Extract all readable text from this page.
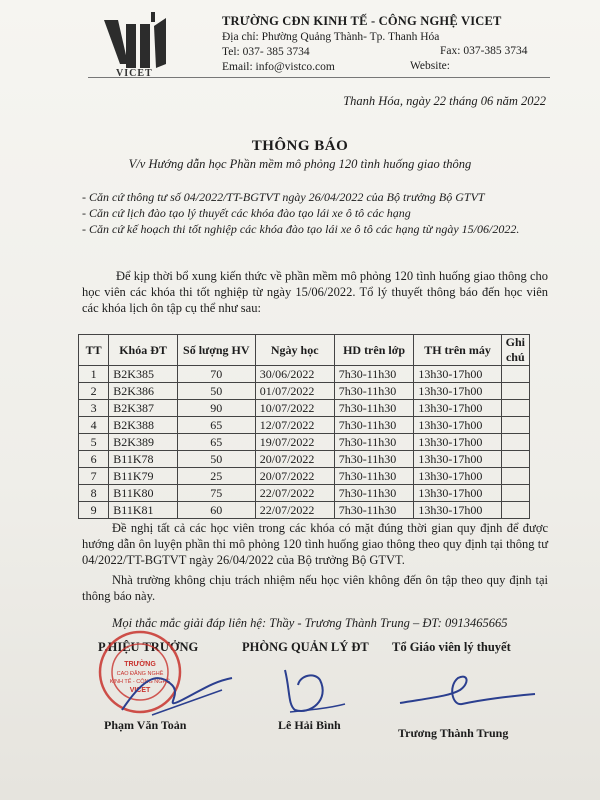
VICET
TRƯỜNG CĐN KINH TẾ - CÔNG NGHỆ VICET
Địa chỉ: Phường Quảng Thành- Tp. Thanh Hóa
Tel: 037- 385 3734	Fax: 037-385 3734
Email: info@vistco.com	Website:
Thanh Hóa, ngày 22 tháng 06 năm 2022
THÔNG BÁO
V/v Hướng dẫn học Phần mềm mô phỏng 120 tình huống giao thông
- Căn cứ thông tư số 04/2022/TT-BGTVT ngày 26/04/2022 của Bộ trưởng Bộ GTVT
- Căn cứ lịch đào tạo lý thuyết các khóa đào tạo lái xe ô tô các hạng
- Căn cứ kế hoạch thi tốt nghiệp các khóa đào tạo lái xe ô tô các hạng từ ngày 15/06/2022.
Để kịp thời bổ xung kiến thức về phần mềm mô phỏng 120 tình huống giao thông cho học viên các khóa thi tốt nghiệp từ ngày 15/06/2022. Tổ lý thuyết thông báo đến học viên các khóa lịch ôn tập cụ thể như sau:
TT	Khóa ĐT	Số lượng HV	Ngày học	HD trên lớp	TH trên máy	Ghi chú
1	B2K385	70	30/06/2022	7h30-11h30	13h30-17h00	
2	B2K386	50	01/07/2022	7h30-11h30	13h30-17h00	
3	B2K387	90	10/07/2022	7h30-11h30	13h30-17h00	
4	B2K388	65	12/07/2022	7h30-11h30	13h30-17h00	
5	B2K389	65	19/07/2022	7h30-11h30	13h30-17h00	
6	B11K78	50	20/07/2022	7h30-11h30	13h30-17h00	
7	B11K79	25	20/07/2022	7h30-11h30	13h30-17h00	
8	B11K80	75	22/07/2022	7h30-11h30	13h30-17h00	
9	B11K81	60	22/07/2022	7h30-11h30	13h30-17h00	
Đề nghị tất cả các học viên trong các khóa có mặt đúng thời gian quy định để được hướng dẫn ôn luyện phần thi mô phỏng 120 tình huống giao thông theo quy định tại thông tư 04/2022/TT-BGTVT ngày 26/04/2022 của Bộ trưởng Bộ GTVT.
Nhà trường không chịu trách nhiệm nếu học viên không đến ôn tập theo quy định tại thông báo này.
Mọi thắc mắc giải đáp liên hệ: Thầy - Trương Thành Trung – ĐT: 0913465665
P.HIỆU TRƯỞNG	PHÒNG QUẢN LÝ ĐT Tổ Giáo viên lý thuyết
TRƯỜNG
CAO ĐẲNG NGHỀ
KINH TẾ - CÔNG NGHỆ
VICET
Phạm Văn Toản	Lê Hải Bình
Trương Thành Trung
